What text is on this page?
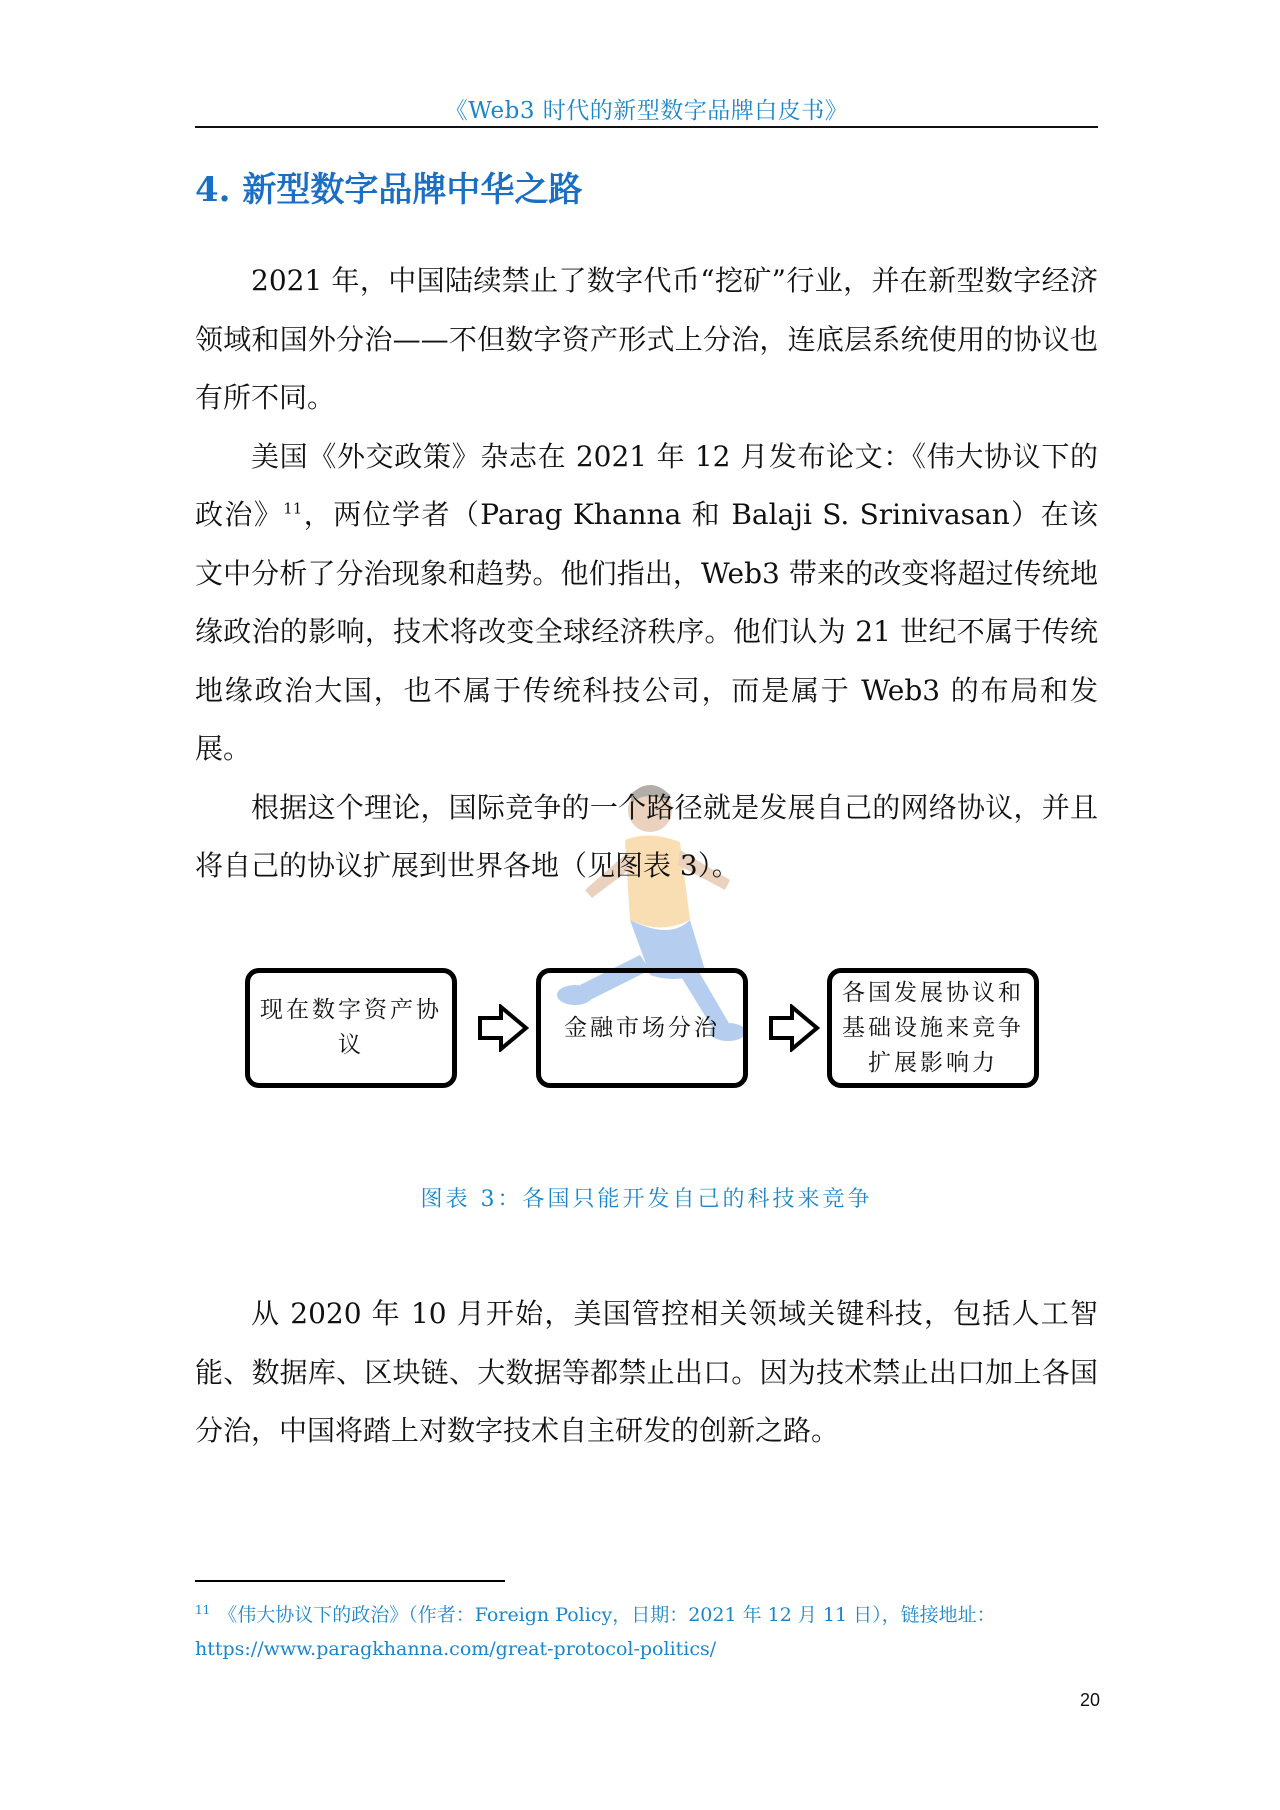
《Web3 时代的新型数字品牌白皮书》
4. 新型数字品牌中华之路

2021 年，中国陆续禁止了数字代币“挖矿”行业，并在新型数字经济领域和国外分治——不但数字资产形式上分治，连底层系统使用的协议也有所不同。

美国《外交政策》杂志在 2021 年 12 月发布论文：《伟大协议下的政治》$^{11}$，两位学者（Parag Khanna 和 Balaji S. Srinivasan）在该文中分析了分治现象和趋势。他们指出，Web3 带来的改变将超过传统地缘政治的影响，技术将改变全球经济秩序。他们认为 21 世纪不属于传统地缘政治大国，也不属于传统科技公司，而是属于 Web3 的布局和发展。

根据这个理论，国际竞争的一个路径就是发展自己的网络协议，并且将自己的协议扩展到世界各地（见图表 3）。

现在数字资产协议
金融市场分治
各国发展协议和基础设施来竞争扩展影响力
图表 3：各国只能开发自己的科技来竞争

从 2020 年 10 月开始，美国管控相关领域关键科技，包括人工智能、数据库、区块链、大数据等都禁止出口。因为技术禁止出口加上各国分治，中国将踏上对数字技术自主研发的创新之路。

$^{11}$ 《伟大协议下的政治》（作者：Foreign Policy，日期：2021 年 12 月 11 日），链接地址：
https://www.paragkhanna.com/great-protocol-politics/
20
